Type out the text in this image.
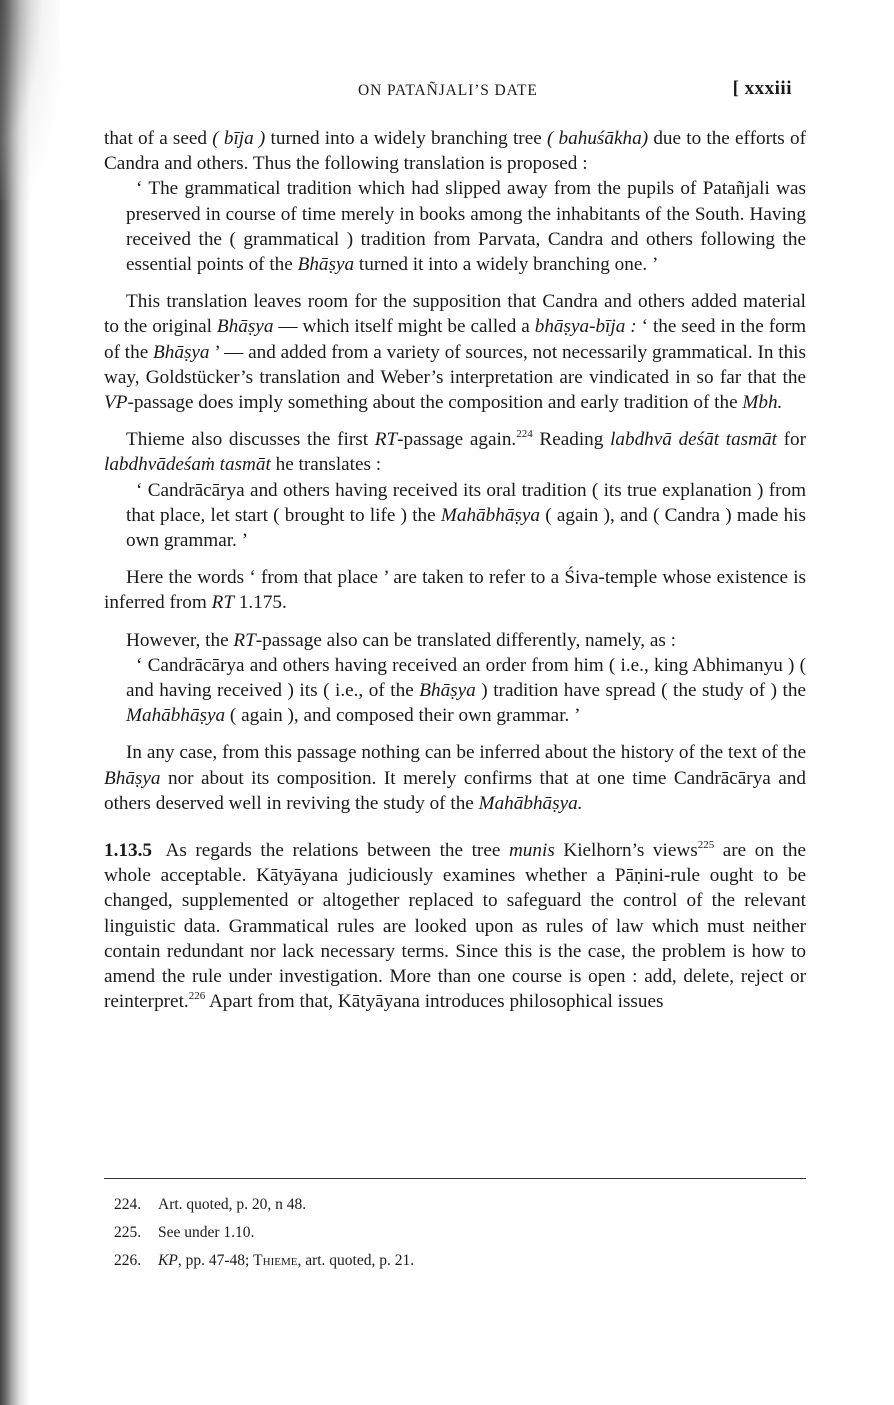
ON PATAÑJALI’S DATE	[ xxxiii

that of a seed ( bīja ) turned into a widely branching tree ( bahuśākha) due to the efforts of Candra and others. Thus the following translation is proposed :

‘ The grammatical tradition which had slipped away from the pupils of Patañjali was preserved in course of time merely in books among the inhabitants of the South. Having received the ( grammatical ) tradition from Parvata, Candra and others following the essential points of the Bhāṣya turned it into a widely branching one. ’

This translation leaves room for the supposition that Candra and others added material to the original Bhāṣya — which itself might be called a bhāṣya-bīja : ‘ the seed in the form of the Bhāṣya ’ — and added from a variety of sources, not necessarily grammatical. In this way, Goldstücker’s translation and Weber’s interpretation are vindicated in so far that the VP-passage does imply something about the composition and early tradition of the Mbh.

Thieme also discusses the first RT-passage again.$^{224}$ Reading labdhvā deśāt tasmāt for labdhvādeśaṁ tasmāt he translates :

‘ Candrācārya and others having received its oral tradition ( its true explanation ) from that place, let start ( brought to life ) the Mahābhāṣya ( again ), and ( Candra ) made his own grammar. ’

Here the words ‘ from that place ’ are taken to refer to a Śiva-temple whose existence is inferred from RT 1.175.

However, the RT-passage also can be translated differently, namely, as :

‘ Candrācārya and others having received an order from him ( i.e., king Abhimanyu ) ( and having received ) its ( i.e., of the Bhāṣya ) tradition have spread ( the study of ) the Mahābhāṣya ( again ), and composed their own grammar. ’

In any case, from this passage nothing can be inferred about the history of the text of the Bhāṣya nor about its composition. It merely confirms that at one time Candrācārya and others deserved well in reviving the study of the Mahābhāṣya.

1.13.5 As regards the relations between the tree munis Kielhorn’s views$^{225}$ are on the whole acceptable. Kātyāyana judiciously examines whether a Pāṇini-rule ought to be changed, supplemented or altogether replaced to safeguard the control of the relevant linguistic data. Grammatical rules are looked upon as rules of law which must neither contain redundant nor lack necessary terms. Since this is the case, the problem is how to amend the rule under investigation. More than one course is open : add, delete, reject or reinterpret.$^{226}$ Apart from that, Kātyāyana introduces philosophical issues

224. Art. quoted, p. 20, n 48.
225. See under 1.10.
226. KP, pp. 47-48; Thieme, art. quoted, p. 21.
